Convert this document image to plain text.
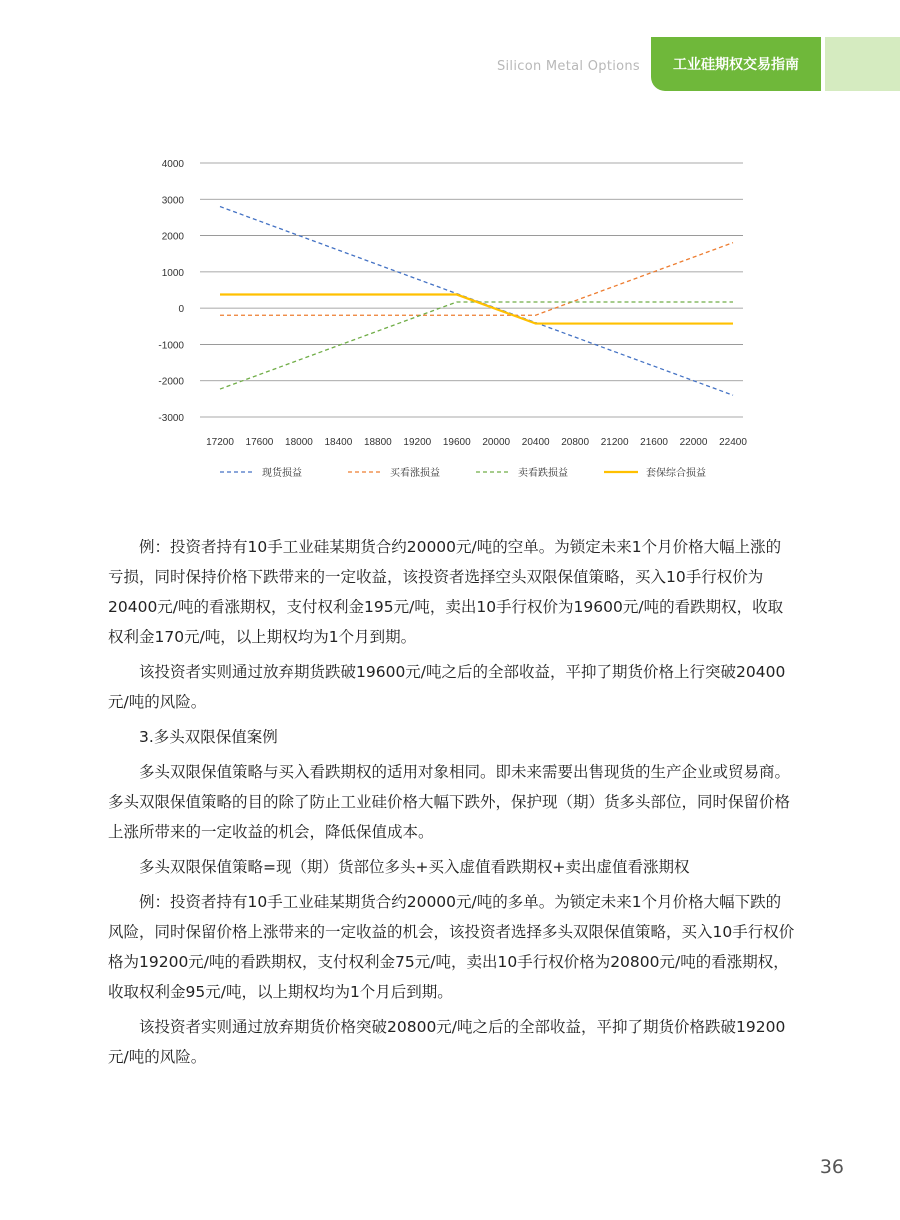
Silicon Metal Options	工业硅期权交易指南
4000
3000
2000
1000
0
-1000
-2000
-3000
17200 17600 18000 18400 18800 19200 19600 20000 20400 20800 21200 21600 22000 22400
现货损益	买看涨损益	卖看跌损益	套保综合损益

例：投资者持有10手工业硅某期货合约20000元/吨的空单。为锁定未来1个月价格大幅上涨的亏损，同时保持价格下跌带来的一定收益，该投资者选择空头双限保值策略，买入10手行权价为20400元/吨的看涨期权，支付权利金195元/吨，卖出10手行权价为19600元/吨的看跌期权，收取权利金170元/吨，以上期权均为1个月到期。

该投资者实则通过放弃期货跌破19600元/吨之后的全部收益，平抑了期货价格上行突破20400元/吨的风险。

3.多头双限保值案例

多头双限保值策略与买入看跌期权的适用对象相同。即未来需要出售现货的生产企业或贸易商。多头双限保值策略的目的除了防止工业硅价格大幅下跌外，保护现（期）货多头部位，同时保留价格上涨所带来的一定收益的机会，降低保值成本。

多头双限保值策略=现（期）货部位多头+买入虚值看跌期权+卖出虚值看涨期权

例：投资者持有10手工业硅某期货合约20000元/吨的多单。为锁定未来1个月价格大幅下跌的风险，同时保留价格上涨带来的一定收益的机会，该投资者选择多头双限保值策略，买入10手行权价格为19200元/吨的看跌期权，支付权利金75元/吨，卖出10手行权价格为20800元/吨的看涨期权，收取权利金95元/吨，以上期权均为1个月后到期。

该投资者实则通过放弃期货价格突破20800元/吨之后的全部收益，平抑了期货价格跌破19200元/吨的风险。

36
